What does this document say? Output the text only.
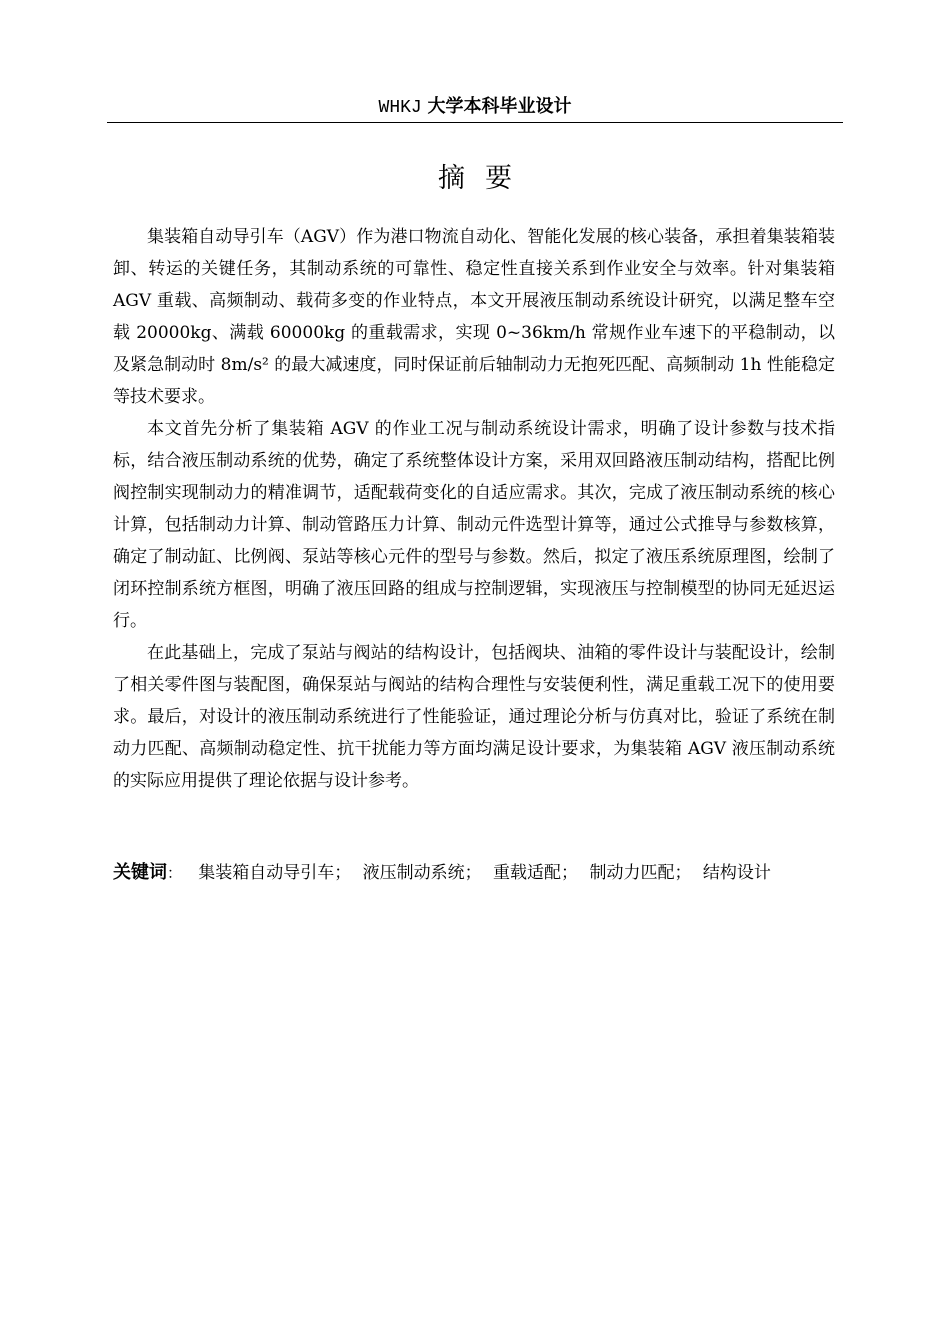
WHKJ 大学本科毕业设计
摘要

集装箱自动导引车（AGV）作为港口物流自动化、智能化发展的核心装备，承担着集装箱装卸、转运的关键任务，其制动系统的可靠性、稳定性直接关系到作业安全与效率。针对集装箱 AGV 重载、高频制动、载荷多变的作业特点，本文开展液压制动系统设计研究，以满足整车空载 20000kg、满载 60000kg 的重载需求，实现 0~36km/h 常规作业车速下的平稳制动，以及紧急制动时 8m/s² 的最大减速度，同时保证前后轴制动力无抱死匹配、高频制动 1h 性能稳定等技术要求。

本文首先分析了集装箱 AGV 的作业工况与制动系统设计需求，明确了设计参数与技术指标，结合液压制动系统的优势，确定了系统整体设计方案，采用双回路液压制动结构，搭配比例阀控制实现制动力的精准调节，适配载荷变化的自适应需求。其次，完成了液压制动系统的核心计算，包括制动力计算、制动管路压力计算、制动元件选型计算等，通过公式推导与参数核算，确定了制动缸、比例阀、泵站等核心元件的型号与参数。然后，拟定了液压系统原理图，绘制了闭环控制系统方框图，明确了液压回路的组成与控制逻辑，实现液压与控制模型的协同无延迟运行。

在此基础上，完成了泵站与阀站的结构设计，包括阀块、油箱的零件设计与装配设计，绘制了相关零件图与装配图，确保泵站与阀站的结构合理性与安装便利性，满足重载工况下的使用要求。最后，对设计的液压制动系统进行了性能验证，通过理论分析与仿真对比，验证了系统在制动力匹配、高频制动稳定性、抗干扰能力等方面均满足设计要求，为集装箱 AGV 液压制动系统的实际应用提供了理论依据与设计参考。

关键词： 集装箱自动导引车； 液压制动系统； 重载适配； 制动力匹配； 结构设计
